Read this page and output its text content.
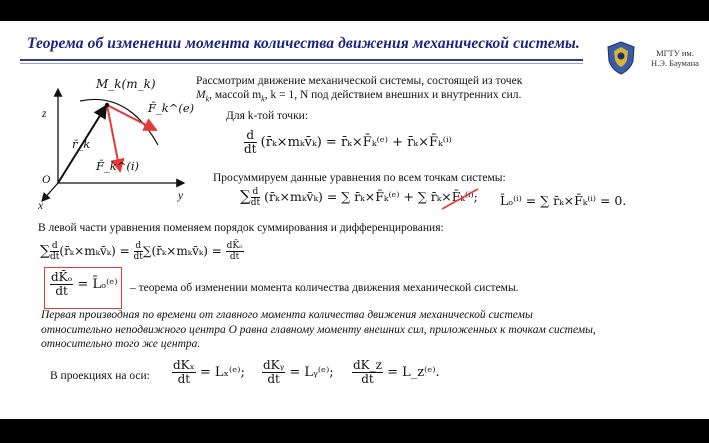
Теорема об изменении момента количества движения механической системы.
МГТУ им.
Н.Э. Баумана
M_k(m_k)
z
y
x
O
r̄_k
F̄_k^(e)
F̄_k^(i)
Рассмотрим движение механической системы, состоящей из точек
$M_k$, массой $m_k$, k = 1, N под действием внешних и внутренних сил.
Для k-той точки:
$\frac{d}{dt}$ (r̄ₖ×mₖv̄ₖ) = r̄ₖ×F̄ₖ⁽ᵉ⁾ + r̄ₖ×F̄ₖ⁽ⁱ⁾
Просуммируем данные уравнения по всем точкам системы:
∑ $\frac{d}{dt}$ (r̄ₖ×mₖv̄ₖ) = ∑ r̄ₖ×F̄ₖ⁽ᵉ⁾ + ∑ r̄ₖ×F̄ₖ⁽ⁱ⁾; L̄ₒ⁽ⁱ⁾ = ∑ r̄ₖ×F̄ₖ⁽ⁱ⁾ = 0.
В левой части уравнения поменяем порядок суммирования и дифференцирования:
∑ $\frac{d}{dt}$ (r̄ₖ×mₖv̄ₖ) = $\frac{d}{dt}$ ∑(r̄ₖ×mₖv̄ₖ) = $\frac{\text{dK̄ₒ}}{dt}$
$\frac{\text{dK̄ₒ}}{dt}$ = L̄ₒ⁽ᵉ⁾ – теорема об изменении момента количества движения механической системы.
Первая производная по времени от главного момента количества движения механической системы относительно неподвижного центра O равна главному моменту внешних сил, приложенных к точкам системы, относительно того же центра.
В проекциях на оси: $\frac{\text{dKₓ}}{dt}$ = Lₓ⁽ᵉ⁾; $\frac{\text{dKᵧ}}{dt}$ = Lᵧ⁽ᵉ⁾; $\frac{dK\_z}{dt}$ = L_z⁽ᵉ⁾.
